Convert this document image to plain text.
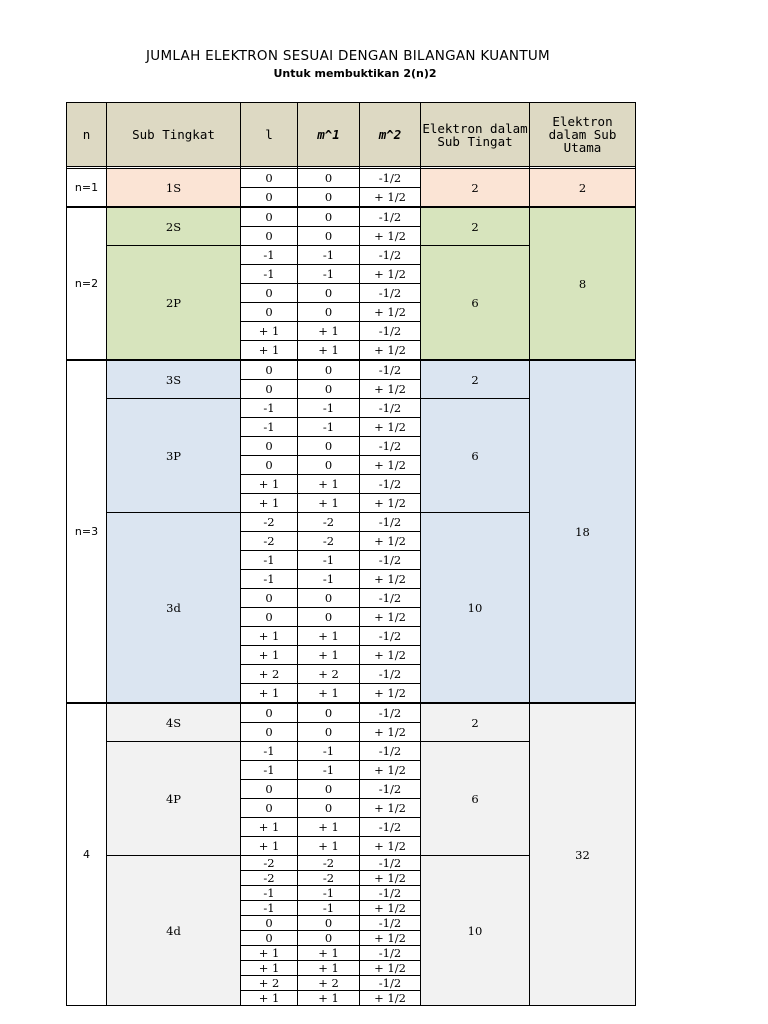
JUMLAH ELEKTRON SESUAI DENGAN BILANGAN KUANTUM
Untuk membuktikan 2(n)2
n	Sub Tingkat	l	m^1	m^2	Elektron dalam Sub Tingat	Elektron dalam Sub Utama

n=1	1S	0	0	-1/2	2	2
		0	0	+ 1/2		
n=2	2S	0	0	-1/2	2	8
		0	0	+ 1/2		
	2P	-1	-1	-1/2	6	
		-1	-1	+ 1/2		
		0	0	-1/2		
		0	0	+ 1/2		
		+ 1	+ 1	-1/2		
		+ 1	+ 1	+ 1/2		
n=3	3S	0	0	-1/2	2	18
		0	0	+ 1/2		
	3P	-1	-1	-1/2	6	
		-1	-1	+ 1/2		
		0	0	-1/2		
		0	0	+ 1/2		
		+ 1	+ 1	-1/2		
		+ 1	+ 1	+ 1/2		
	3d	-2	-2	-1/2	10	
		-2	-2	+ 1/2		
		-1	-1	-1/2		
		-1	-1	+ 1/2		
		0	0	-1/2		
		0	0	+ 1/2		
		+ 1	+ 1	-1/2		
		+ 1	+ 1	+ 1/2		
		+ 2	+ 2	-1/2		
		+ 1	+ 1	+ 1/2		
4	4S	0	0	-1/2	2	32
		0	0	+ 1/2		
	4P	-1	-1	-1/2	6	
		-1	-1	+ 1/2		
		0	0	-1/2		
		0	0	+ 1/2		
		+ 1	+ 1	-1/2		
		+ 1	+ 1	+ 1/2		
	4d	-2	-2	-1/2	10	
		-2	-2	+ 1/2		
		-1	-1	-1/2		
		-1	-1	+ 1/2		
		0	0	-1/2		
		0	0	+ 1/2		
		+ 1	+ 1	-1/2		
		+ 1	+ 1	+ 1/2		
		+ 2	+ 2	-1/2		
		+ 1	+ 1	+ 1/2		
